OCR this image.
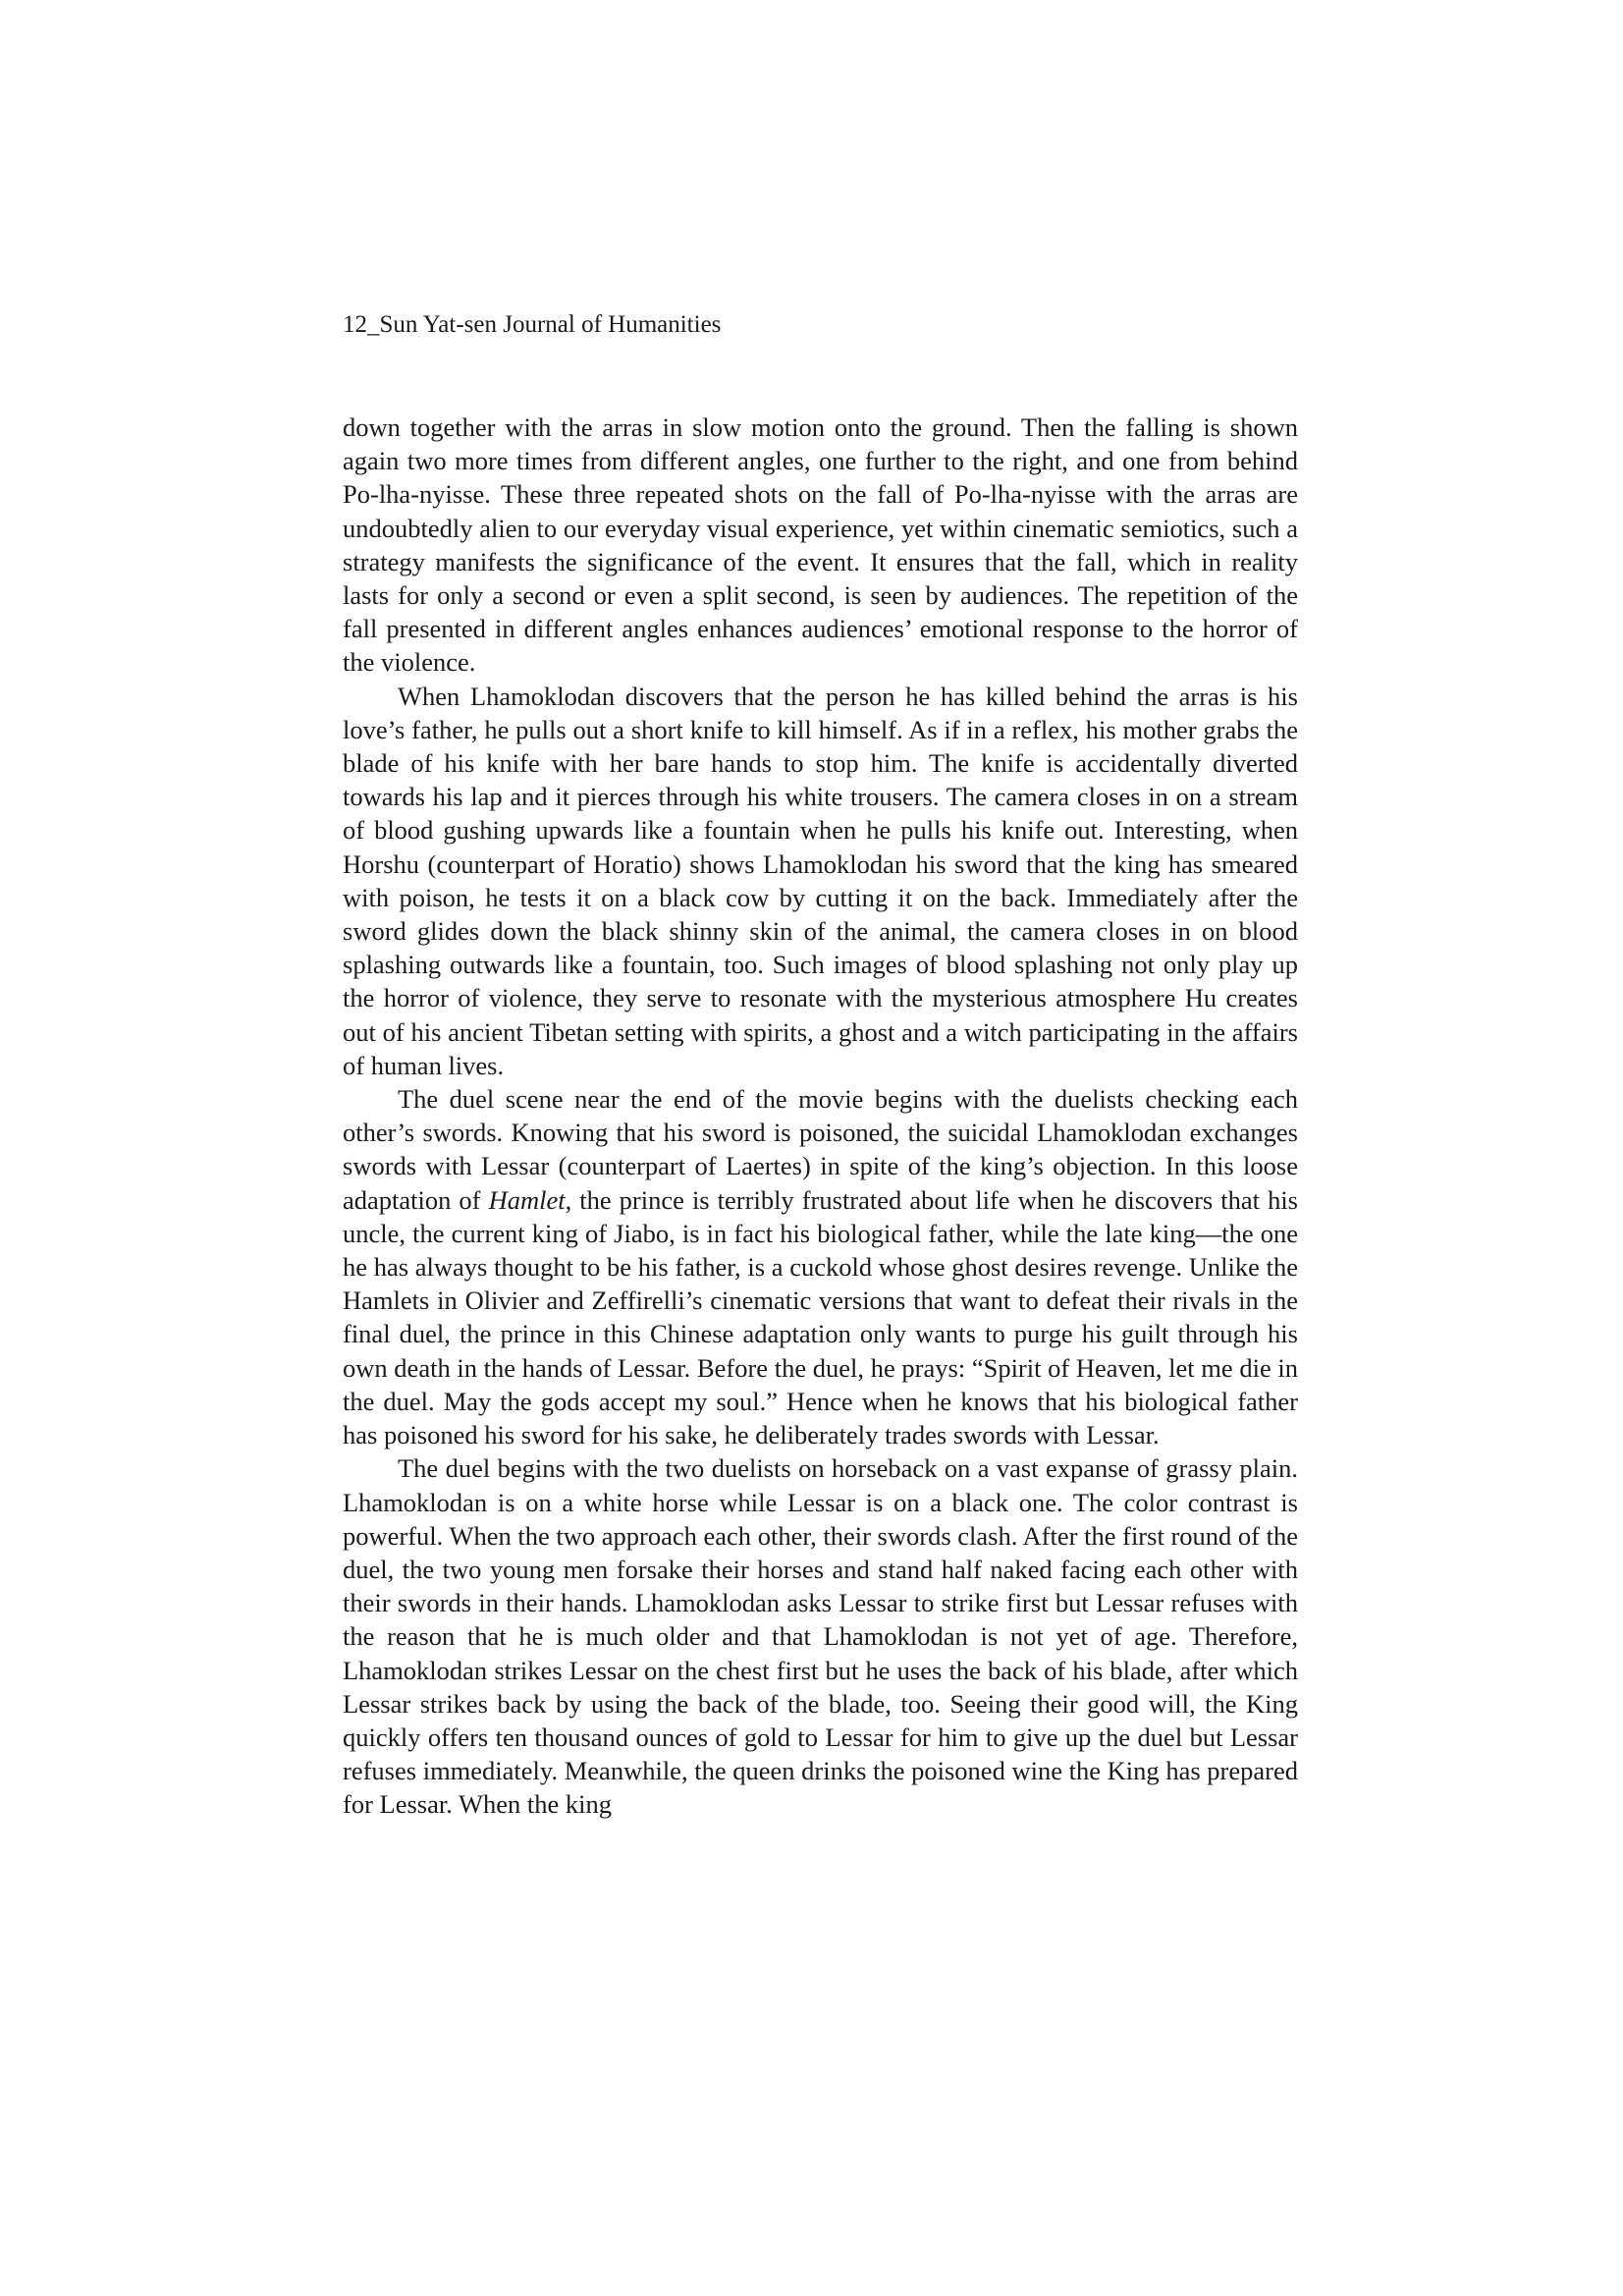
12_Sun Yat-sen Journal of Humanities

down together with the arras in slow motion onto the ground. Then the falling is shown again two more times from different angles, one further to the right, and one from behind Po-lha-nyisse. These three repeated shots on the fall of Po-lha-nyisse with the arras are undoubtedly alien to our everyday visual experience, yet within cinematic semiotics, such a strategy manifests the significance of the event. It ensures that the fall, which in reality lasts for only a second or even a split second, is seen by audiences. The repetition of the fall presented in different angles enhances audiences’ emotional response to the horror of the violence.

When Lhamoklodan discovers that the person he has killed behind the arras is his love’s father, he pulls out a short knife to kill himself. As if in a reflex, his mother grabs the blade of his knife with her bare hands to stop him. The knife is accidentally diverted towards his lap and it pierces through his white trousers. The camera closes in on a stream of blood gushing upwards like a fountain when he pulls his knife out. Interesting, when Horshu (counterpart of Horatio) shows Lhamoklodan his sword that the king has smeared with poison, he tests it on a black cow by cutting it on the back. Immediately after the sword glides down the black shinny skin of the animal, the camera closes in on blood splashing outwards like a fountain, too. Such images of blood splashing not only play up the horror of violence, they serve to resonate with the mysterious atmosphere Hu creates out of his ancient Tibetan setting with spirits, a ghost and a witch participating in the affairs of human lives.

The duel scene near the end of the movie begins with the duelists checking each other’s swords. Knowing that his sword is poisoned, the suicidal Lhamoklodan exchanges swords with Lessar (counterpart of Laertes) in spite of the king’s objection. In this loose adaptation of Hamlet, the prince is terribly frustrated about life when he discovers that his uncle, the current king of Jiabo, is in fact his biological father, while the late king—the one he has always thought to be his father, is a cuckold whose ghost desires revenge. Unlike the Hamlets in Olivier and Zeffirelli’s cinematic versions that want to defeat their rivals in the final duel, the prince in this Chinese adaptation only wants to purge his guilt through his own death in the hands of Lessar. Before the duel, he prays: “Spirit of Heaven, let me die in the duel. May the gods accept my soul.” Hence when he knows that his biological father has poisoned his sword for his sake, he deliberately trades swords with Lessar.

The duel begins with the two duelists on horseback on a vast expanse of grassy plain. Lhamoklodan is on a white horse while Lessar is on a black one. The color contrast is powerful. When the two approach each other, their swords clash. After the first round of the duel, the two young men forsake their horses and stand half naked facing each other with their swords in their hands. Lhamoklodan asks Lessar to strike first but Lessar refuses with the reason that he is much older and that Lhamoklodan is not yet of age. Therefore, Lhamoklodan strikes Lessar on the chest first but he uses the back of his blade, after which Lessar strikes back by using the back of the blade, too. Seeing their good will, the King quickly offers ten thousand ounces of gold to Lessar for him to give up the duel but Lessar refuses immediately. Meanwhile, the queen drinks the poisoned wine the King has prepared for Lessar. When the king
